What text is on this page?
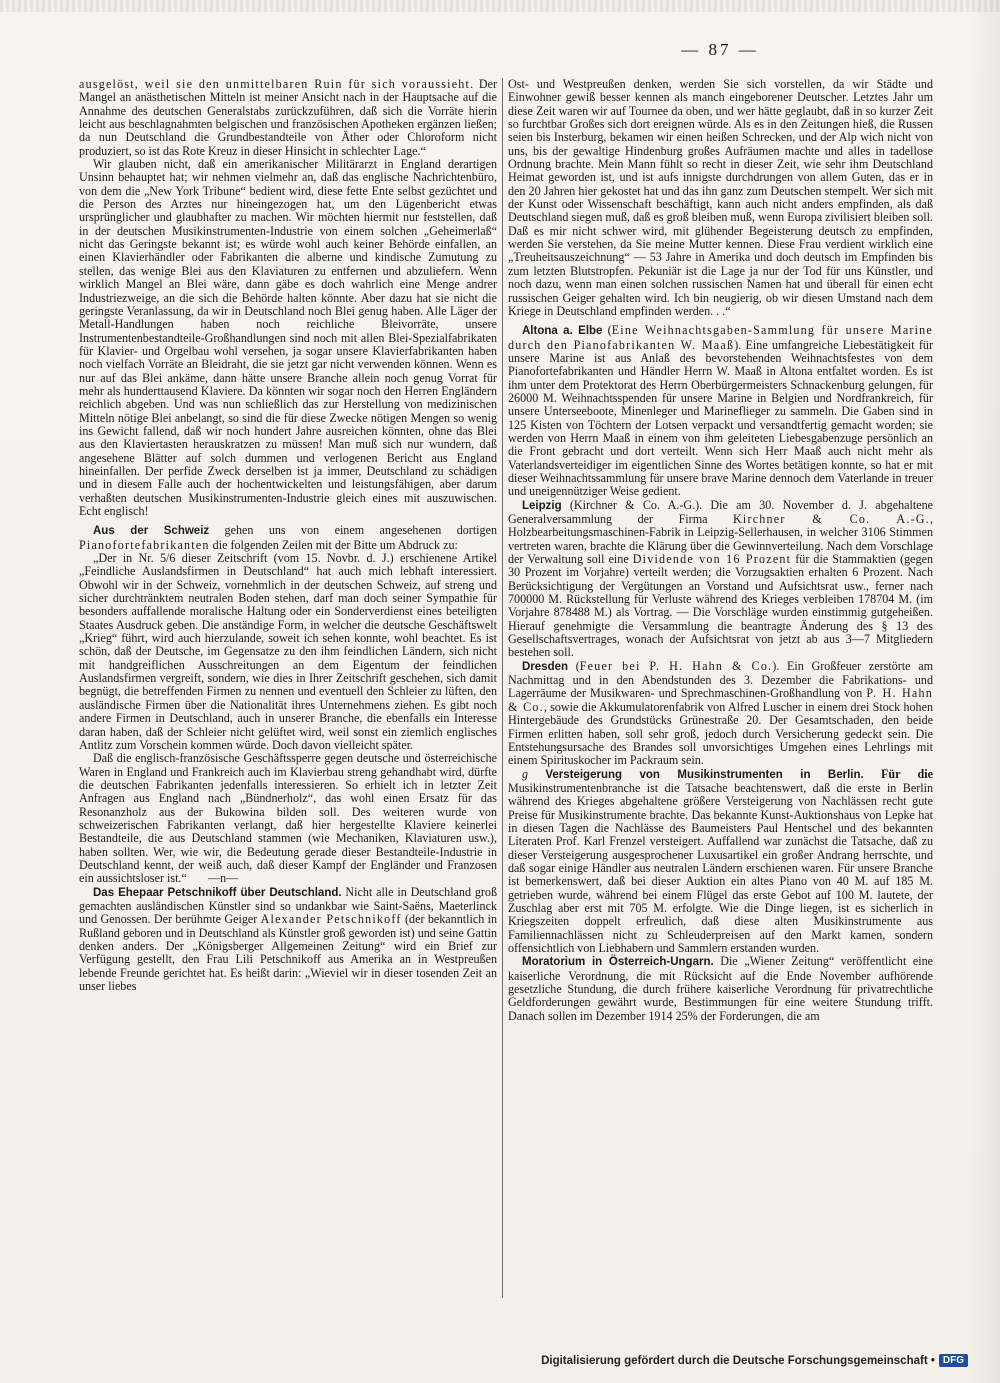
— 87 —

ausgelöst, weil sie den unmittelbaren Ruin für sich voraussieht. Der Mangel an anästhetischen Mitteln ist meiner Ansicht nach in der Hauptsache auf die Annahme des deutschen Generalstabs zurückzuführen, daß sich die Vorräte hierin leicht aus beschlagnahmten belgischen und französischen Apotheken ergänzen ließen; da nun Deutschland die Grundbestandteile von Äther oder Chloroform nicht produziert, so ist das Rote Kreuz in dieser Hinsicht in schlechter Lage.“

Wir glauben nicht, daß ein amerikanischer Militärarzt in England derartigen Unsinn behauptet hat; wir nehmen vielmehr an, daß das englische Nachrichtenbüro, von dem die „New York Tribune“ bedient wird, diese fette Ente selbst gezüchtet und die Person des Arztes nur hineingezogen hat, um den Lügenbericht etwas ursprünglicher und glaubhafter zu machen. Wir möchten hiermit nur feststellen, daß in der deutschen Musikinstrumenten-Industrie von einem solchen „Geheimerlaß“ nicht das Geringste bekannt ist; es würde wohl auch keiner Behörde einfallen, an einen Klavierhändler oder Fabrikanten die alberne und kindische Zumutung zu stellen, das wenige Blei aus den Klaviaturen zu entfernen und abzuliefern. Wenn wirklich Mangel an Blei wäre, dann gäbe es doch wahrlich eine Menge andrer Industriezweige, an die sich die Behörde halten könnte. Aber dazu hat sie nicht die geringste Veranlassung, da wir in Deutschland noch Blei genug haben. Alle Läger der Metall-Handlungen haben noch reichliche Bleivorräte, unsere Instrumentenbestandteile-Großhandlungen sind noch mit allen Blei-Spezialfabrikaten für Klavier- und Orgelbau wohl versehen, ja sogar unsere Klavierfabrikanten haben noch vielfach Vorräte an Bleidraht, die sie jetzt gar nicht verwenden können. Wenn es nur auf das Blei ankäme, dann hätte unsere Branche allein noch genug Vorrat für mehr als hunderttausend Klaviere. Da könnten wir sogar noch den Herren Engländern reichlich abgeben. Und was nun schließlich das zur Herstellung von medizinischen Mitteln nötige Blei anbelangt, so sind die für diese Zwecke nötigen Mengen so wenig ins Gewicht fallend, daß wir noch hundert Jahre ausreichen könnten, ohne das Blei aus den Klaviertasten herauskratzen zu müssen! Man muß sich nur wundern, daß angesehene Blätter auf solch dummen und verlogenen Bericht aus England hineinfallen. Der perfide Zweck derselben ist ja immer, Deutschland zu schädigen und in diesem Falle auch der hochentwickelten und leistungsfähigen, aber darum verhaßten deutschen Musikinstrumenten-Industrie gleich eines mit auszuwischen. Echt englisch!

Aus der Schweiz gehen uns von einem angesehenen dortigen Pianofortefabrikanten die folgenden Zeilen mit der Bitte um Abdruck zu:

„Der in Nr. 5/6 dieser Zeitschrift (vom 15. Novbr. d. J.) erschienene Artikel „Feindliche Auslandsfirmen in Deutschland“ hat auch mich lebhaft interessiert. Obwohl wir in der Schweiz, vornehmlich in der deutschen Schweiz, auf streng und sicher durchtränktem neutralen Boden stehen, darf man doch seiner Sympathie für besonders auffallende moralische Haltung oder ein Sonderverdienst eines beteiligten Staates Ausdruck geben. Die anständige Form, in welcher die deutsche Geschäftswelt „Krieg“ führt, wird auch hierzulande, soweit ich sehen konnte, wohl beachtet. Es ist schön, daß der Deutsche, im Gegensatze zu den ihm feindlichen Ländern, sich nicht mit handgreiflichen Ausschreitungen an dem Eigentum der feindlichen Auslandsfirmen vergreift, sondern, wie dies in Ihrer Zeitschrift geschehen, sich damit begnügt, die betreffenden Firmen zu nennen und eventuell den Schleier zu lüften, den ausländische Firmen über die Nationalität ihres Unternehmens ziehen. Es gibt noch andere Firmen in Deutschland, auch in unserer Branche, die ebenfalls ein Interesse daran haben, daß der Schleier nicht gelüftet wird, weil sonst ein ziemlich englisches Antlitz zum Vorschein kommen würde. Doch davon vielleicht später.

Daß die englisch-französische Geschäftssperre gegen deutsche und österreichische Waren in England und Frankreich auch im Klavierbau streng gehandhabt wird, dürfte die deutschen Fabrikanten jedenfalls interessieren. So erhielt ich in letzter Zeit Anfragen aus England nach „Bündnerholz“, das wohl einen Ersatz für das Resonanzholz aus der Bukowina bilden soll. Des weiteren wurde von schweizerischen Fabrikanten verlangt, daß hier hergestellte Klaviere keinerlei Bestandteile, die aus Deutschland stammen (wie Mechaniken, Klaviaturen usw.), haben sollten. Wer, wie wir, die Bedeutung gerade dieser Bestandteile-Industrie in Deutschland kennt, der weiß auch, daß dieser Kampf der Engländer und Franzosen ein aussichtsloser ist.“       —n—

Das Ehepaar Petschnikoff über Deutschland. Nicht alle in Deutschland groß gemachten ausländischen Künstler sind so undankbar wie Saint-Saëns, Maeterlinck und Genossen. Der berühmte Geiger Alexander Petschnikoff (der bekanntlich in Rußland geboren und in Deutschland als Künstler groß geworden ist) und seine Gattin denken anders. Der „Königsberger Allgemeinen Zeitung“ wird ein Brief zur Verfügung gestellt, den Frau Lili Petschnikoff aus Amerika an in Westpreußen lebende Freunde gerichtet hat. Es heißt darin: „Wieviel wir in dieser tosenden Zeit an unser liebes

Ost- und Westpreußen denken, werden Sie sich vorstellen, da wir Städte und Einwohner gewiß besser kennen als manch eingeborener Deutscher. Letztes Jahr um diese Zeit waren wir auf Tournee da oben, und wer hätte geglaubt, daß in so kurzer Zeit so furchtbar Großes sich dort ereignen würde. Als es in den Zeitungen hieß, die Russen seien bis Insterburg, bekamen wir einen heißen Schrecken, und der Alp wich nicht von uns, bis der gewaltige Hindenburg großes Aufräumen machte und alles in tadellose Ordnung brachte. Mein Mann fühlt so recht in dieser Zeit, wie sehr ihm Deutschland Heimat geworden ist, und ist aufs innigste durchdrungen von allem Guten, das er in den 20 Jahren hier gekostet hat und das ihn ganz zum Deutschen stempelt. Wer sich mit der Kunst oder Wissenschaft beschäftigt, kann auch nicht anders empfinden, als daß Deutschland siegen muß, daß es groß bleiben muß, wenn Europa zivilisiert bleiben soll. Daß es mir nicht schwer wird, mit glühender Begeisterung deutsch zu empfinden, werden Sie verstehen, da Sie meine Mutter kennen. Diese Frau verdient wirklich eine „Treuheitsauszeichnung“ — 53 Jahre in Amerika und doch deutsch im Empfinden bis zum letzten Blutstropfen. Pekuniär ist die Lage ja nur der Tod für uns Künstler, und noch dazu, wenn man einen solchen russischen Namen hat und überall für einen echt russischen Geiger gehalten wird. Ich bin neugierig, ob wir diesen Umstand nach dem Kriege in Deutschland empfinden werden. . .“

Altona a. Elbe (Eine Weihnachtsgaben-Sammlung für unsere Marine durch den Pianofabrikanten W. Maaß). Eine umfangreiche Liebestätigkeit für unsere Marine ist aus Anlaß des bevorstehenden Weihnachtsfestes von dem Pianofortefabrikanten und Händler Herrn W. Maaß in Altona entfaltet worden. Es ist ihm unter dem Protektorat des Herrn Oberbürgermeisters Schnackenburg gelungen, für 26000 M. Weihnachtsspenden für unsere Marine in Belgien und Nordfrankreich, für unsere Unterseeboote, Minenleger und Marineflieger zu sammeln. Die Gaben sind in 125 Kisten von Töchtern der Lotsen verpackt und versandtfertig gemacht worden; sie werden von Herrn Maaß in einem von ihm geleiteten Liebesgabenzuge persönlich an die Front gebracht und dort verteilt. Wenn sich Herr Maaß auch nicht mehr als Vaterlandsverteidiger im eigentlichen Sinne des Wortes betätigen konnte, so hat er mit dieser Weihnachtssammlung für unsere brave Marine dennoch dem Vaterlande in treuer und uneigennütziger Weise gedient.

Leipzig (Kirchner & Co. A.-G.). Die am 30. November d. J. abgehaltene Generalversammlung der Firma Kirchner & Co. A.-G., Holzbearbeitungsmaschinen-Fabrik in Leipzig-Sellerhausen, in welcher 3106 Stimmen vertreten waren, brachte die Klärung über die Gewinnverteilung. Nach dem Vorschlage der Verwaltung soll eine Dividende von 16 Prozent für die Stammaktien (gegen 30 Prozent im Vorjahre) verteilt werden; die Vorzugsaktien erhalten 6 Prozent. Nach Berücksichtigung der Vergütungen an Vorstand und Aufsichtsrat usw., ferner nach 700000 M. Rückstellung für Verluste während des Krieges verbleiben 178704 M. (im Vorjahre 878488 M.) als Vortrag. — Die Vorschläge wurden einstimmig gutgeheißen. Hierauf genehmigte die Versammlung die beantragte Änderung des § 13 des Gesellschaftsvertrages, wonach der Aufsichtsrat von jetzt ab aus 3—7 Mitgliedern bestehen soll.

Dresden (Feuer bei P. H. Hahn & Co.). Ein Großfeuer zerstörte am Nachmittag und in den Abendstunden des 3. Dezember die Fabrikations- und Lagerräume der Musikwaren- und Sprechmaschinen-Großhandlung von P. H. Hahn & Co., sowie die Akkumulatorenfabrik von Alfred Luscher in einem drei Stock hohen Hintergebäude des Grundstücks Grünestraße 20. Der Gesamtschaden, den beide Firmen erlitten haben, soll sehr groß, jedoch durch Versicherung gedeckt sein. Die Entstehungsursache des Brandes soll unvorsichtiges Umgehen eines Lehrlings mit einem Spirituskocher im Packraum sein.

g Versteigerung von Musikinstrumenten in Berlin. Für die Musikinstrumentenbranche ist die Tatsache beachtenswert, daß die erste in Berlin während des Krieges abgehaltene größere Versteigerung von Nachlässen recht gute Preise für Musikinstrumente brachte. Das bekannte Kunst-Auktionshaus von Lepke hat in diesen Tagen die Nachlässe des Baumeisters Paul Hentschel und des bekannten Literaten Prof. Karl Frenzel versteigert. Auffallend war zunächst die Tatsache, daß zu dieser Versteigerung ausgesprochener Luxusartikel ein großer Andrang herrschte, und daß sogar einige Händler aus neutralen Ländern erschienen waren. Für unsere Branche ist bemerkenswert, daß bei dieser Auktion ein altes Piano von 40 M. auf 185 M. getrieben wurde, während bei einem Flügel das erste Gebot auf 100 M. lautete, der Zuschlag aber erst mit 705 M. erfolgte. Wie die Dinge liegen, ist es sicherlich in Kriegszeiten doppelt erfreulich, daß diese alten Musikinstrumente aus Familiennachlässen nicht zu Schleuderpreisen auf den Markt kamen, sondern offensichtlich von Liebhabern und Sammlern erstanden wurden.

Moratorium in Österreich-Ungarn. Die „Wiener Zeitung“ veröffentlicht eine kaiserliche Verordnung, die mit Rücksicht auf die Ende November aufhörende gesetzliche Stundung, die durch frühere kaiserliche Verordnung für privatrechtliche Geldforderungen gewährt wurde, Bestimmungen für eine weitere Stundung trifft. Danach sollen im Dezember 1914 25% der Forderungen, die am

Digitalisierung gefördert durch die Deutsche Forschungsgemeinschaft • DFG
